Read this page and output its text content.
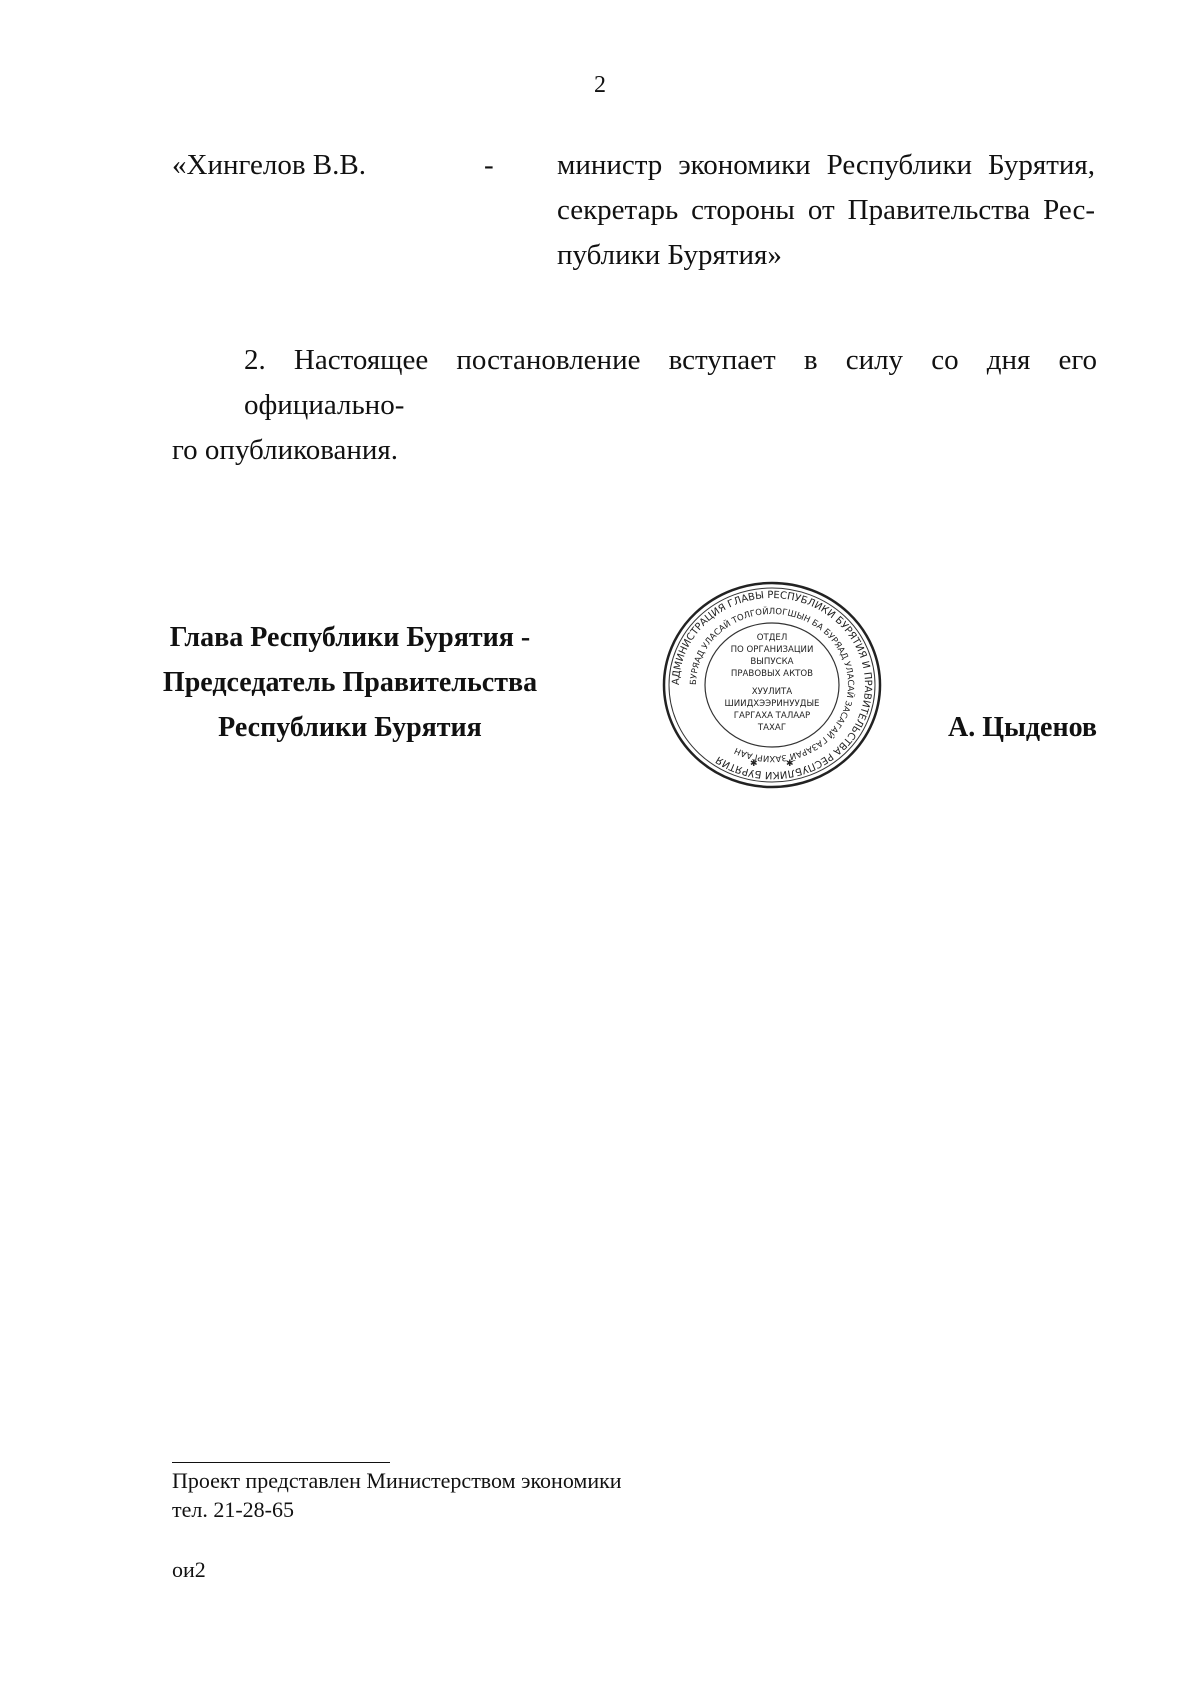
2
«Хингелов В.В.	- министр экономики Республики Бурятия,
секретарь стороны от Правительства Рес-
публики Бурятия»
2. Настоящее постановление вступает в силу со дня его официально-
го опубликования.
Глава Республики Бурятия -
Председатель Правительства
Республики Бурятия
АДМИНИСТРАЦИЯ ГЛАВЫ РЕСПУБЛИКИ БУРЯТИЯ И ПРАВИТЕЛЬСТВА РЕСПУБЛИКИ БУРЯТИЯ
БУРЯАД УЛАСАЙ ТОЛГОЙЛОГШЫН БА БУРЯАД УЛАСАЙ ЗАСАГАЙ ГАЗАРАЙ ЗАХИРГААН
ОТДЕЛ
ПО ОРГАНИЗАЦИИ
ВЫПУСКА
ПРАВОВЫХ АКТОВ
ХУУЛИТА
ШИИДХЭЭРИНУУДЫЕ
ГАРГАХА ТАЛААР
ТАХАГ
✱	✱
А. Цыденов
Проект представлен Министерством экономики
тел. 21-28-65
ои2
